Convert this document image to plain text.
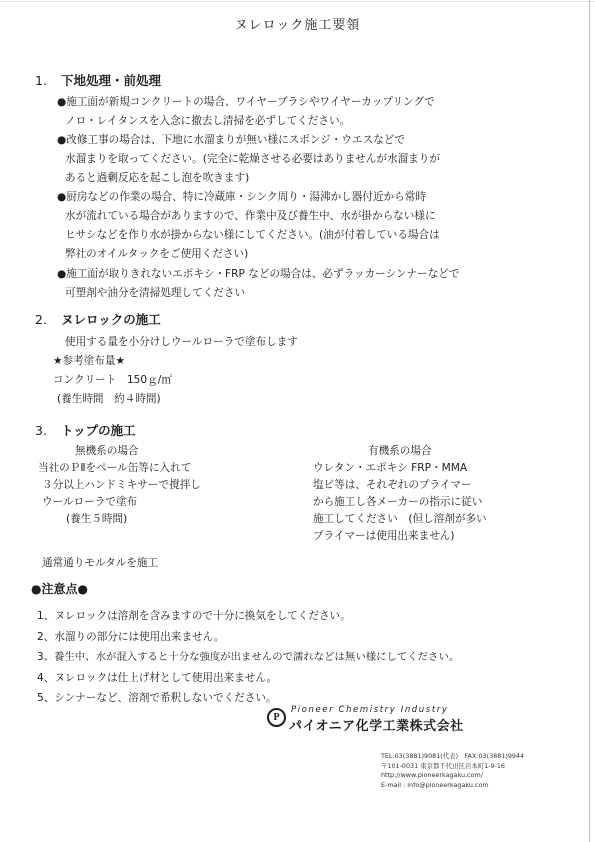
ヌレロック施工要領
1. 下地処理・前処理
●施工面が新規コンクリートの場合、ワイヤーブラシやワイヤーカップリングで
ノロ・レイタンスを入念に撤去し清掃を必ずしてください。
●改修工事の場合は、下地に水溜まりが無い様にスポンジ・ウエスなどで
水溜まりを取ってください。(完全に乾燥させる必要はありませんが水溜まりが
あると過剰反応を起こし泡を吹きます)
●厨房などの作業の場合、特に冷蔵庫・シンク周り・湯沸かし器付近から常時
水が流れている場合がありますので、作業中及び養生中、水が掛からない様に
ヒサシなどを作り水が掛からない様にしてください。(油が付着している場合は
弊社のオイルタックをご使用ください)
●施工面が取りきれないエポキシ・FRP などの場合は、必ずラッカーシンナーなどで
可塑剤や油分を清掃処理してください
2. ヌレロックの施工
使用する量を小分けしウールローラで塗布します
★参考塗布量★
コンクリート　150ｇ/㎡
(養生時間　約４時間)
3. トップの施工
無機系の場合
当社のＰⅡをペール缶等に入れて
３分以上ハンドミキサーで撹拌し
ウールローラで塗布
(養生５時間)
有機系の場合
ウレタン・エポキシ FRP・MMA
塩ビ等は、それぞれのプライマー
から施工し各メーカーの指示に従い
施工してください　(但し溶剤が多い
プライマーは使用出来ません)
通常通りモルタルを施工
●注意点●
1、ヌレロックは溶剤を含みますので十分に換気をしてください。
2、水溜りの部分には使用出来ません。
3、養生中、水が混入すると十分な強度が出ませんので濡れなどは無い様にしてください。
4、ヌレロックは仕上げ材として使用出来ません。
5、シンナーなど、溶剤で希釈しないでください。
P
Pioneer Chemistry Industry
パイオニア化学工業株式会社
TEL:03(3881)9081(代表)　FAX:03(3881)9944
〒101-0031 東京都千代田区岩本町1-9-16
http://www.pioneerkagaku.com/
E-mail : info@pioneerkagaku.com
